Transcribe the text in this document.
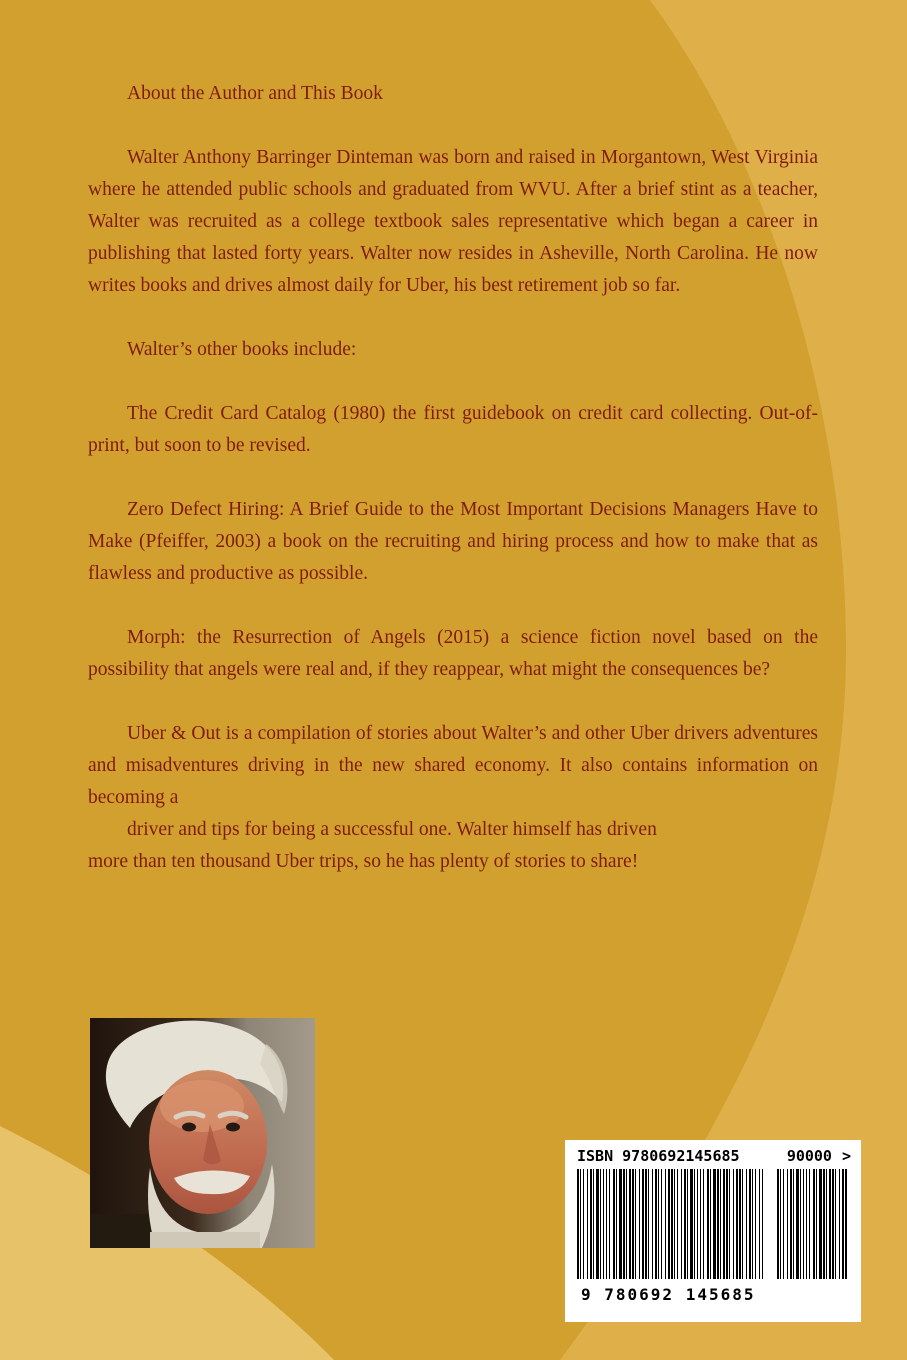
About the Author and This Book

Walter Anthony Barringer Dinteman was born and raised in Morgantown, West Virginia where he attended public schools and graduated from WVU. After a brief stint as a teacher, Walter was recruited as a college textbook sales representative which began a career in publishing that lasted forty years. Walter now resides in Asheville, North Carolina. He now writes books and drives almost daily for Uber, his best retirement job so far.

Walter’s other books include:

The Credit Card Catalog (1980) the first guidebook on credit card collecting. Out-of-print, but soon to be revised.

Zero Defect Hiring: A Brief Guide to the Most Important Decisions Managers Have to Make (Pfeiffer, 2003) a book on the recruiting and hiring process and how to make that as flawless and productive as possible.

Morph: the Resurrection of Angels (2015) a science fiction novel based on the possibility that angels were real and, if they reappear, what might the consequences be?

Uber & Out is a compilation of stories about Walter’s and other Uber drivers adventures and misadventures driving in the new shared economy. It also contains information on becoming a

driver and tips for being a successful one. Walter himself has driven

more than ten thousand Uber trips, so he has plenty of stories to share!

ISBN 9780692145685	90000 >
9 780692 145685
